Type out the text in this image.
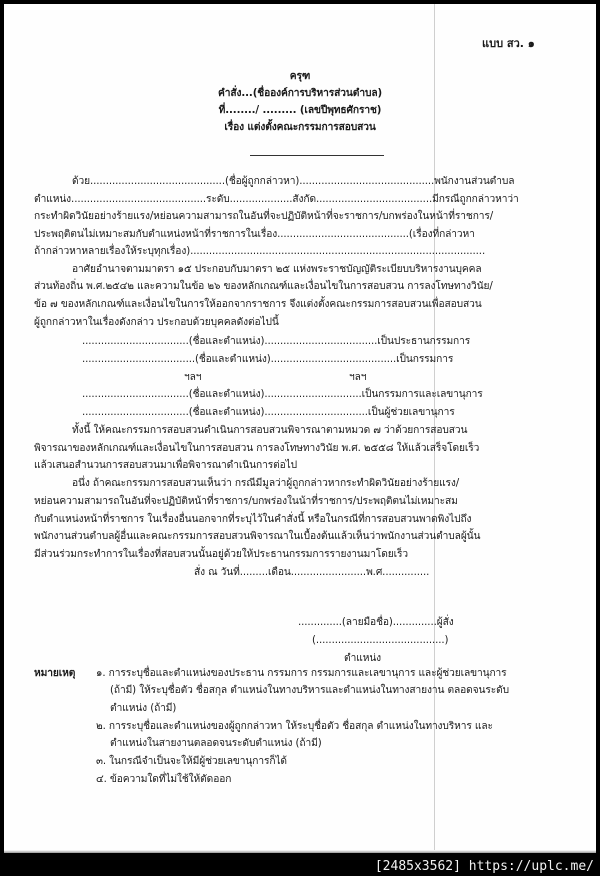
แบบ สว. ๑
ครุฑ
คำสั่ง...(ชื่อองค์การบริหารส่วนตำบล)
ที่......../ ......... (เลขปีพุทธศักราช)
เรื่อง แต่งตั้งคณะกรรมการสอบสวน
ด้วย...........................................(ชื่อผู้ถูกกล่าวหา)...........................................พนักงานส่วนตำบล
ตำแหน่ง...........................................ระดับ....................สังกัด.....................................มีกรณีถูกกล่าวหาว่า
กระทำผิดวินัยอย่างร้ายแรง/หย่อนความสามารถในอันที่จะปฏิบัติหน้าที่จะราชการ/บกพร่องในหน้าที่ราชการ/
ประพฤติตนไม่เหมาะสมกับตำแหน่งหน้าที่ราชการในเรื่อง..........................................(เรื่องที่กล่าวหา
ถ้ากล่าวหาหลายเรื่องให้ระบุทุกเรื่อง)..............................................................................................
อาศัยอำนาจตามมาตรา ๑๕ ประกอบกับมาตรา ๒๕ แห่งพระราชบัญญัติระเบียบบริหารงานบุคคล
ส่วนท้องถิ่น พ.ศ.๒๕๔๒ และความในข้อ ๒๖ ของหลักเกณฑ์และเงื่อนไขในการสอบสวน การลงโทษทางวินัย/
ข้อ ๗ ของหลักเกณฑ์และเงื่อนไขในการให้ออกจากราชการ จึงแต่งตั้งคณะกรรมการสอบสวนเพื่อสอบสวน
ผู้ถูกกล่าวหาในเรื่องดังกล่าว ประกอบด้วยบุคคลดังต่อไปนี้
..................................(ชื่อและตำแหน่ง)....................................เป็นประธานกรรมการ
....................................(ชื่อและตำแหน่ง)........................................เป็นกรรมการ
ฯลฯ	ฯลฯ
..................................(ชื่อและตำแหน่ง)...............................เป็นกรรมการและเลขานุการ
..................................(ชื่อและตำแหน่ง).................................เป็นผู้ช่วยเลขานุการ
ทั้งนี้ ให้คณะกรรมการสอบสวนดำเนินการสอบสวนพิจารณาตามหมวด ๗ ว่าด้วยการสอบสวน
พิจารณาของหลักเกณฑ์และเงื่อนไขในการสอบสวน การลงโทษทางวินัย พ.ศ. ๒๕๕๘ ให้แล้วเสร็จโดยเร็ว
แล้วเสนอสำนวนการสอบสวนมาเพื่อพิจารณาดำเนินการต่อไป
อนึ่ง ถ้าคณะกรรมการสอบสวนเห็นว่า กรณีมีมูลว่าผู้ถูกกล่าวหากระทำผิดวินัยอย่างร้ายแรง/
หย่อนความสามารถในอันที่จะปฏิบัติหน้าที่ราชการ/บกพร่องในน้าที่ราชการ/ประพฤติตนไม่เหมาะสม
กับตำแหน่งหน้าที่ราชการ ในเรื่องอื่นนอกจากที่ระบุไว้ในคำสั่งนี้ หรือในกรณีที่การสอบสวนพาดพิงไปถึง
พนักงานส่วนตำบลผู้อื่นและคณะกรรมการสอบสวนพิจารณาในเบื้องต้นแล้วเห็นว่าพนักงานส่วนตำบลผู้นั้น
มีส่วนร่วมกระทำการในเรื่องที่สอบสวนนั้นอยู่ด้วยให้ประธานกรรมการรายงานมาโดยเร็ว
สั่ง ณ วันที่.........เดือน........................พ.ศ...............
..............(ลายมือชื่อ)..............ผู้สั่ง
(.........................................)
ตำแหน่ง
หมายเหตุ ๑. การระบุชื่อและตำแหน่งของประธาน กรรมการ กรรมการและเลขานุการ และผู้ช่วยเลขานุการ
(ถ้ามี) ให้ระบุชื่อตัว ชื่อสกุล ตำแหน่งในทางบริหารและตำแหน่งในทางสายงาน ตลอดจนระดับ
ตำแหน่ง (ถ้ามี)
๒. การระบุชื่อและตำแหน่งของผู้ถูกกล่าวหา ให้ระบุชื่อตัว ชื่อสกุล ตำแหน่งในทางบริหาร และ
ตำแหน่งในสายงานตลอดจนระดับตำแหน่ง (ถ้ามี)
๓. ในกรณีจำเป็นจะให้มีผู้ช่วยเลขานุการก็ได้
๔. ข้อความใดที่ไม่ใช้ให้ตัดออก
[2485x3562] https://uplc.me/
